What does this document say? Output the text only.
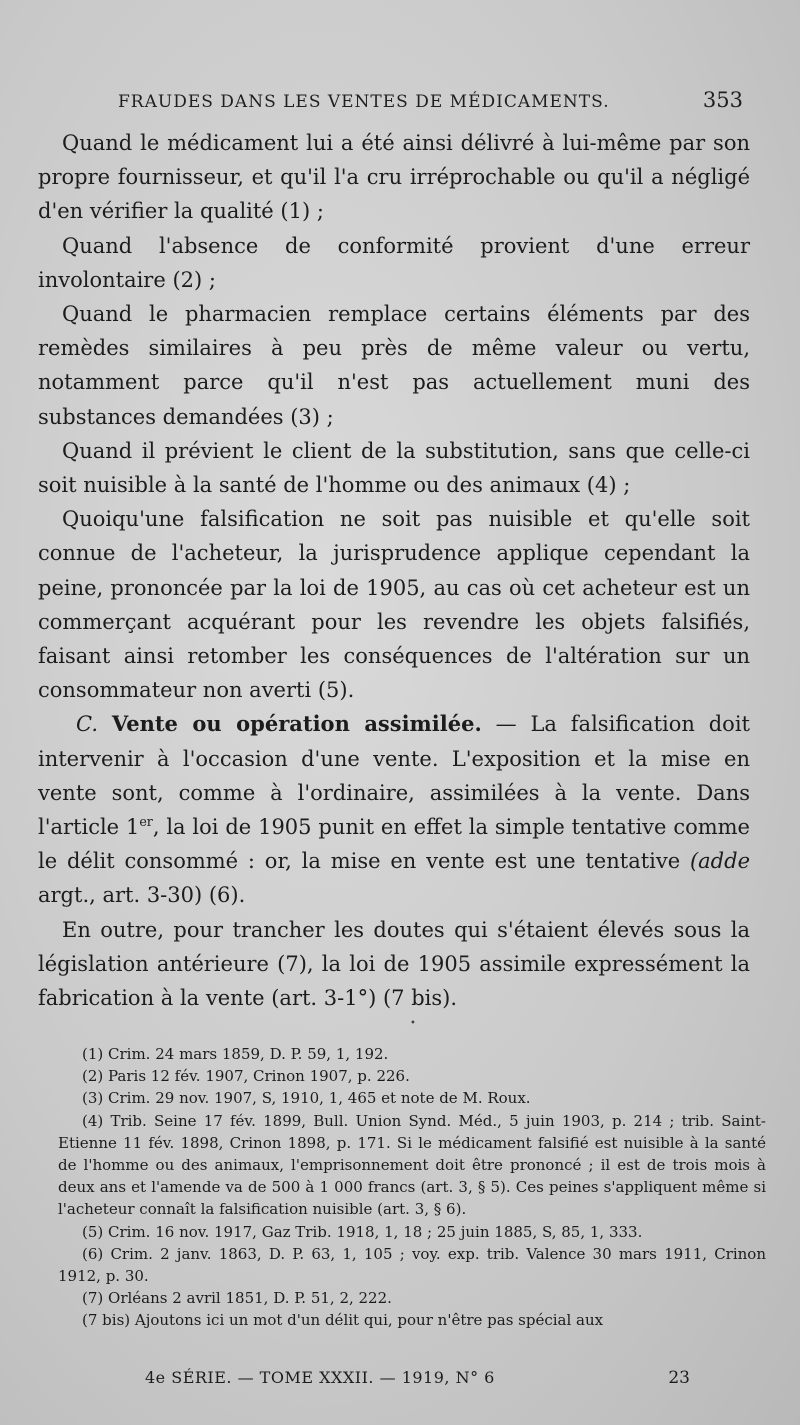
FRAUDES DANS LES VENTES DE MÉDICAMENTS.	353

Quand le médicament lui a été ainsi délivré à lui-même par son propre fournisseur, et qu'il l'a cru irréprochable ou qu'il a négligé d'en vérifier la qualité (1) ;

Quand l'absence de conformité provient d'une erreur involontaire (2) ;

Quand le pharmacien remplace certains éléments par des remèdes similaires à peu près de même valeur ou vertu, notamment parce qu'il n'est pas actuellement muni des substances demandées (3) ;

Quand il prévient le client de la substitution, sans que celle-ci soit nuisible à la santé de l'homme ou des animaux (4) ;

Quoiqu'une falsification ne soit pas nuisible et qu'elle soit connue de l'acheteur, la jurisprudence applique cependant la peine, prononcée par la loi de 1905, au cas où cet acheteur est un commerçant acquérant pour les revendre les objets falsifiés, faisant ainsi retomber les conséquences de l'altération sur un consommateur non averti (5).

C. Vente ou opération assimilée. — La falsification doit intervenir à l'occasion d'une vente. L'exposition et la mise en vente sont, comme à l'ordinaire, assimilées à la vente. Dans l'article 1er, la loi de 1905 punit en effet la simple tentative comme le délit consommé : or, la mise en vente est une tentative (adde argt., art. 3-30) (6).

En outre, pour trancher les doutes qui s'étaient élevés sous la législation antérieure (7), la loi de 1905 assimile expressément la fabrication à la vente (art. 3-1°) (7 bis).

•

(1) Crim. 24 mars 1859, D. P. 59, 1, 192.

(2) Paris 12 fév. 1907, Crinon 1907, p. 226.

(3) Crim. 29 nov. 1907, S, 1910, 1, 465 et note de M. Roux.

(4) Trib. Seine 17 fév. 1899, Bull. Union Synd. Méd., 5 juin 1903, p. 214 ; trib. Saint-Etienne 11 fév. 1898, Crinon 1898, p. 171. Si le médicament falsifié est nuisible à la santé de l'homme ou des animaux, l'emprisonnement doit être prononcé ; il est de trois mois à deux ans et l'amende va de 500 à 1 000 francs (art. 3, § 5). Ces peines s'appliquent même si l'acheteur connaît la falsification nuisible (art. 3, § 6).

(5) Crim. 16 nov. 1917, Gaz Trib. 1918, 1, 18 ; 25 juin 1885, S, 85, 1, 333.

(6) Crim. 2 janv. 1863, D. P. 63, 1, 105 ; voy. exp. trib. Valence 30 mars 1911, Crinon 1912, p. 30.

(7) Orléans 2 avril 1851, D. P. 51, 2, 222.

(7 bis) Ajoutons ici un mot d'un délit qui, pour n'être pas spécial aux

4e SÉRIE. — TOME XXXII. — 1919, N° 6	23
